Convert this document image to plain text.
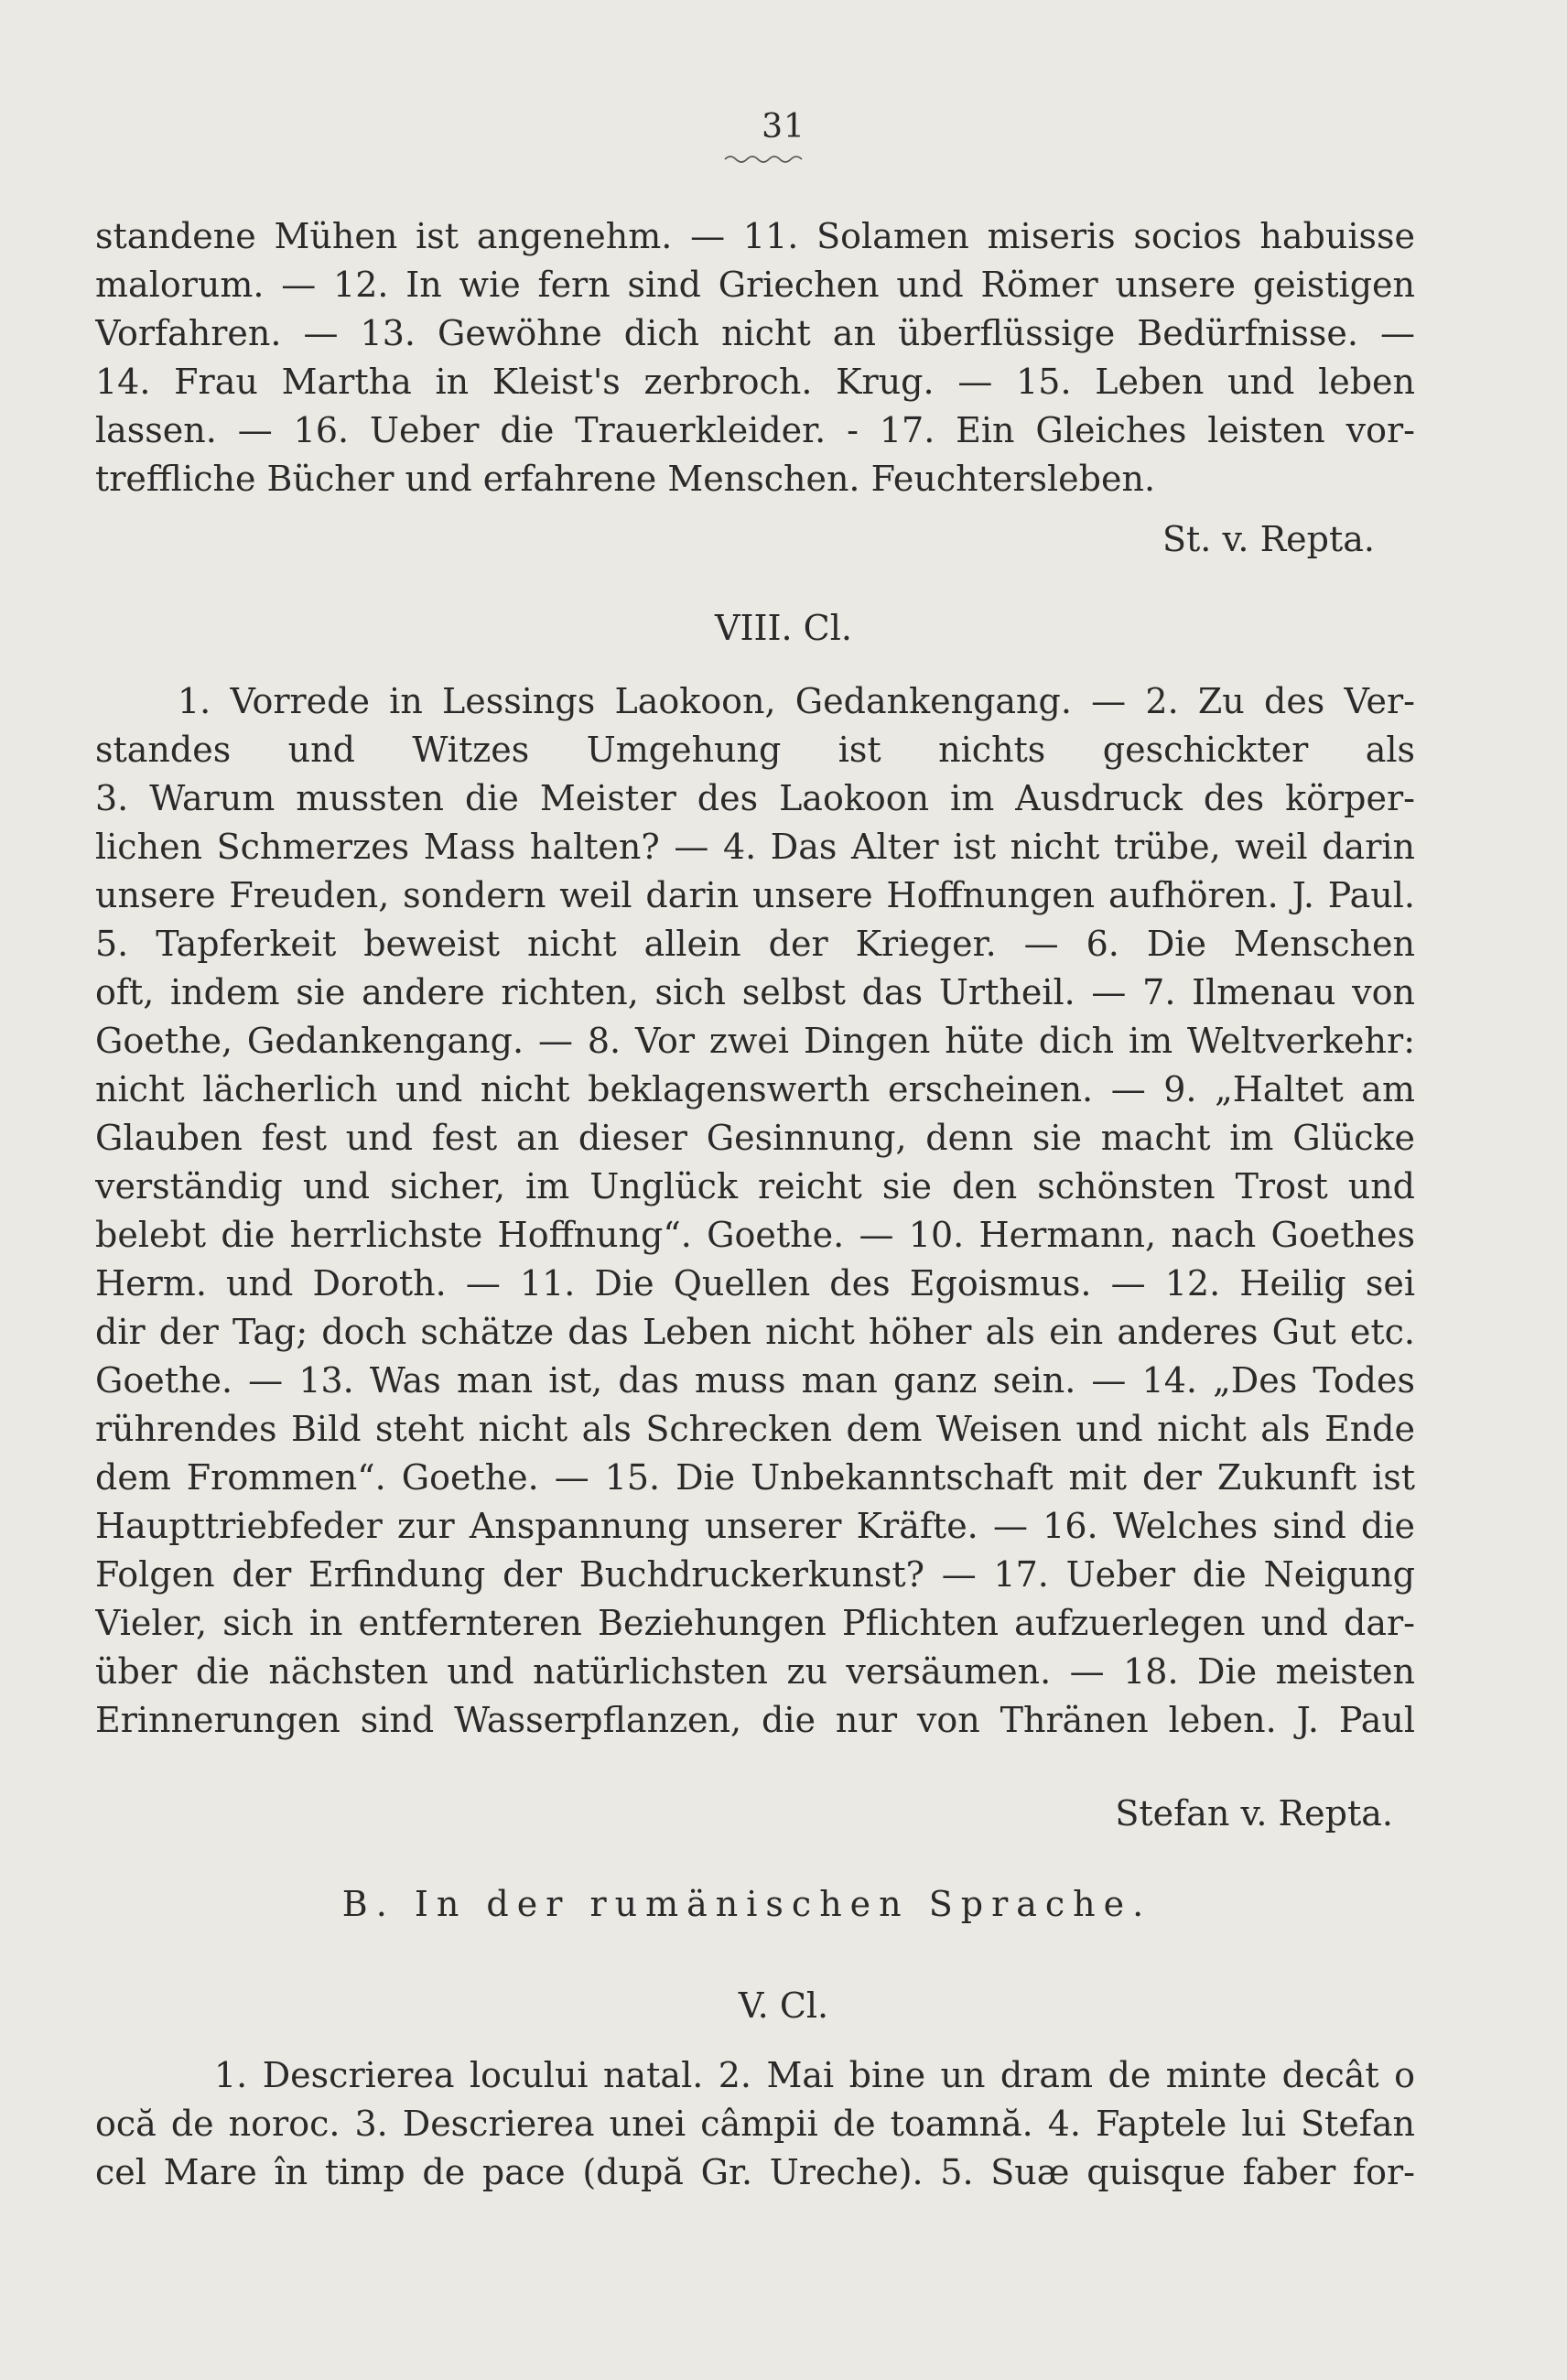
31
standene Mühen ist angenehm. — 11. Solamen miseris socios habuisse
malorum. — 12. In wie fern sind Griechen und Römer unsere geistigen
Vorfahren. — 13. Gewöhne dich nicht an überflüssige Bedürfnisse. —
14. Frau Martha in Kleist's zerbroch. Krug. — 15. Leben und leben
lassen. — 16. Ueber die Trauerkleider. - 17. Ein Gleiches leisten vor-
treffliche Bücher und erfahrene Menschen. Feuchtersleben.
St. v. Repta.
VIII. Cl.
1. Vorrede in Lessings Laokoon, Gedankengang. — 2. Zu des Ver-
standes und Witzes Umgehung ist nichts geschickter als
3. Warum mussten die Meister des Laokoon im Ausdruck des körper-
lichen Schmerzes Mass halten? — 4. Das Alter ist nicht trübe, weil darin
unsere Freuden, sondern weil darin unsere Hoffnungen aufhören. J. Paul.
5. Tapferkeit beweist nicht allein der Krieger. — 6. Die Menschen
oft, indem sie andere richten, sich selbst das Urtheil. — 7. Ilmenau von
Goethe, Gedankengang. — 8. Vor zwei Dingen hüte dich im Weltverkehr:
nicht lächerlich und nicht beklagenswerth erscheinen. — 9. „Haltet am
Glauben fest und fest an dieser Gesinnung, denn sie macht im Glücke
verständig und sicher, im Unglück reicht sie den schönsten Trost und
belebt die herrlichste Hoffnung“. Goethe. — 10. Hermann, nach Goethes
Herm. und Doroth. — 11. Die Quellen des Egoismus. — 12. Heilig sei
dir der Tag; doch schätze das Leben nicht höher als ein anderes Gut etc.
Goethe. — 13. Was man ist, das muss man ganz sein. — 14. „Des Todes
rührendes Bild steht nicht als Schrecken dem Weisen und nicht als Ende
dem Frommen“. Goethe. — 15. Die Unbekanntschaft mit der Zukunft ist
Haupttriebfeder zur Anspannung unserer Kräfte. — 16. Welches sind die
Folgen der Erfindung der Buchdruckerkunst? — 17. Ueber die Neigung
Vieler, sich in entfernteren Beziehungen Pflichten aufzuerlegen und dar-
über die nächsten und natürlichsten zu versäumen. — 18. Die meisten
Erinnerungen sind Wasserpflanzen, die nur von Thränen leben. J. Paul
Stefan v. Repta.
B. In der rumänischen Sprache.
V. Cl.
1. Descrierea locului natal. 2. Mai bine un dram de minte decât o
ocă de noroc. 3. Descrierea unei câmpii de toamnă. 4. Faptele lui Stefan
cel Mare în timp de pace (după Gr. Ureche). 5. Suæ quisque faber for-
